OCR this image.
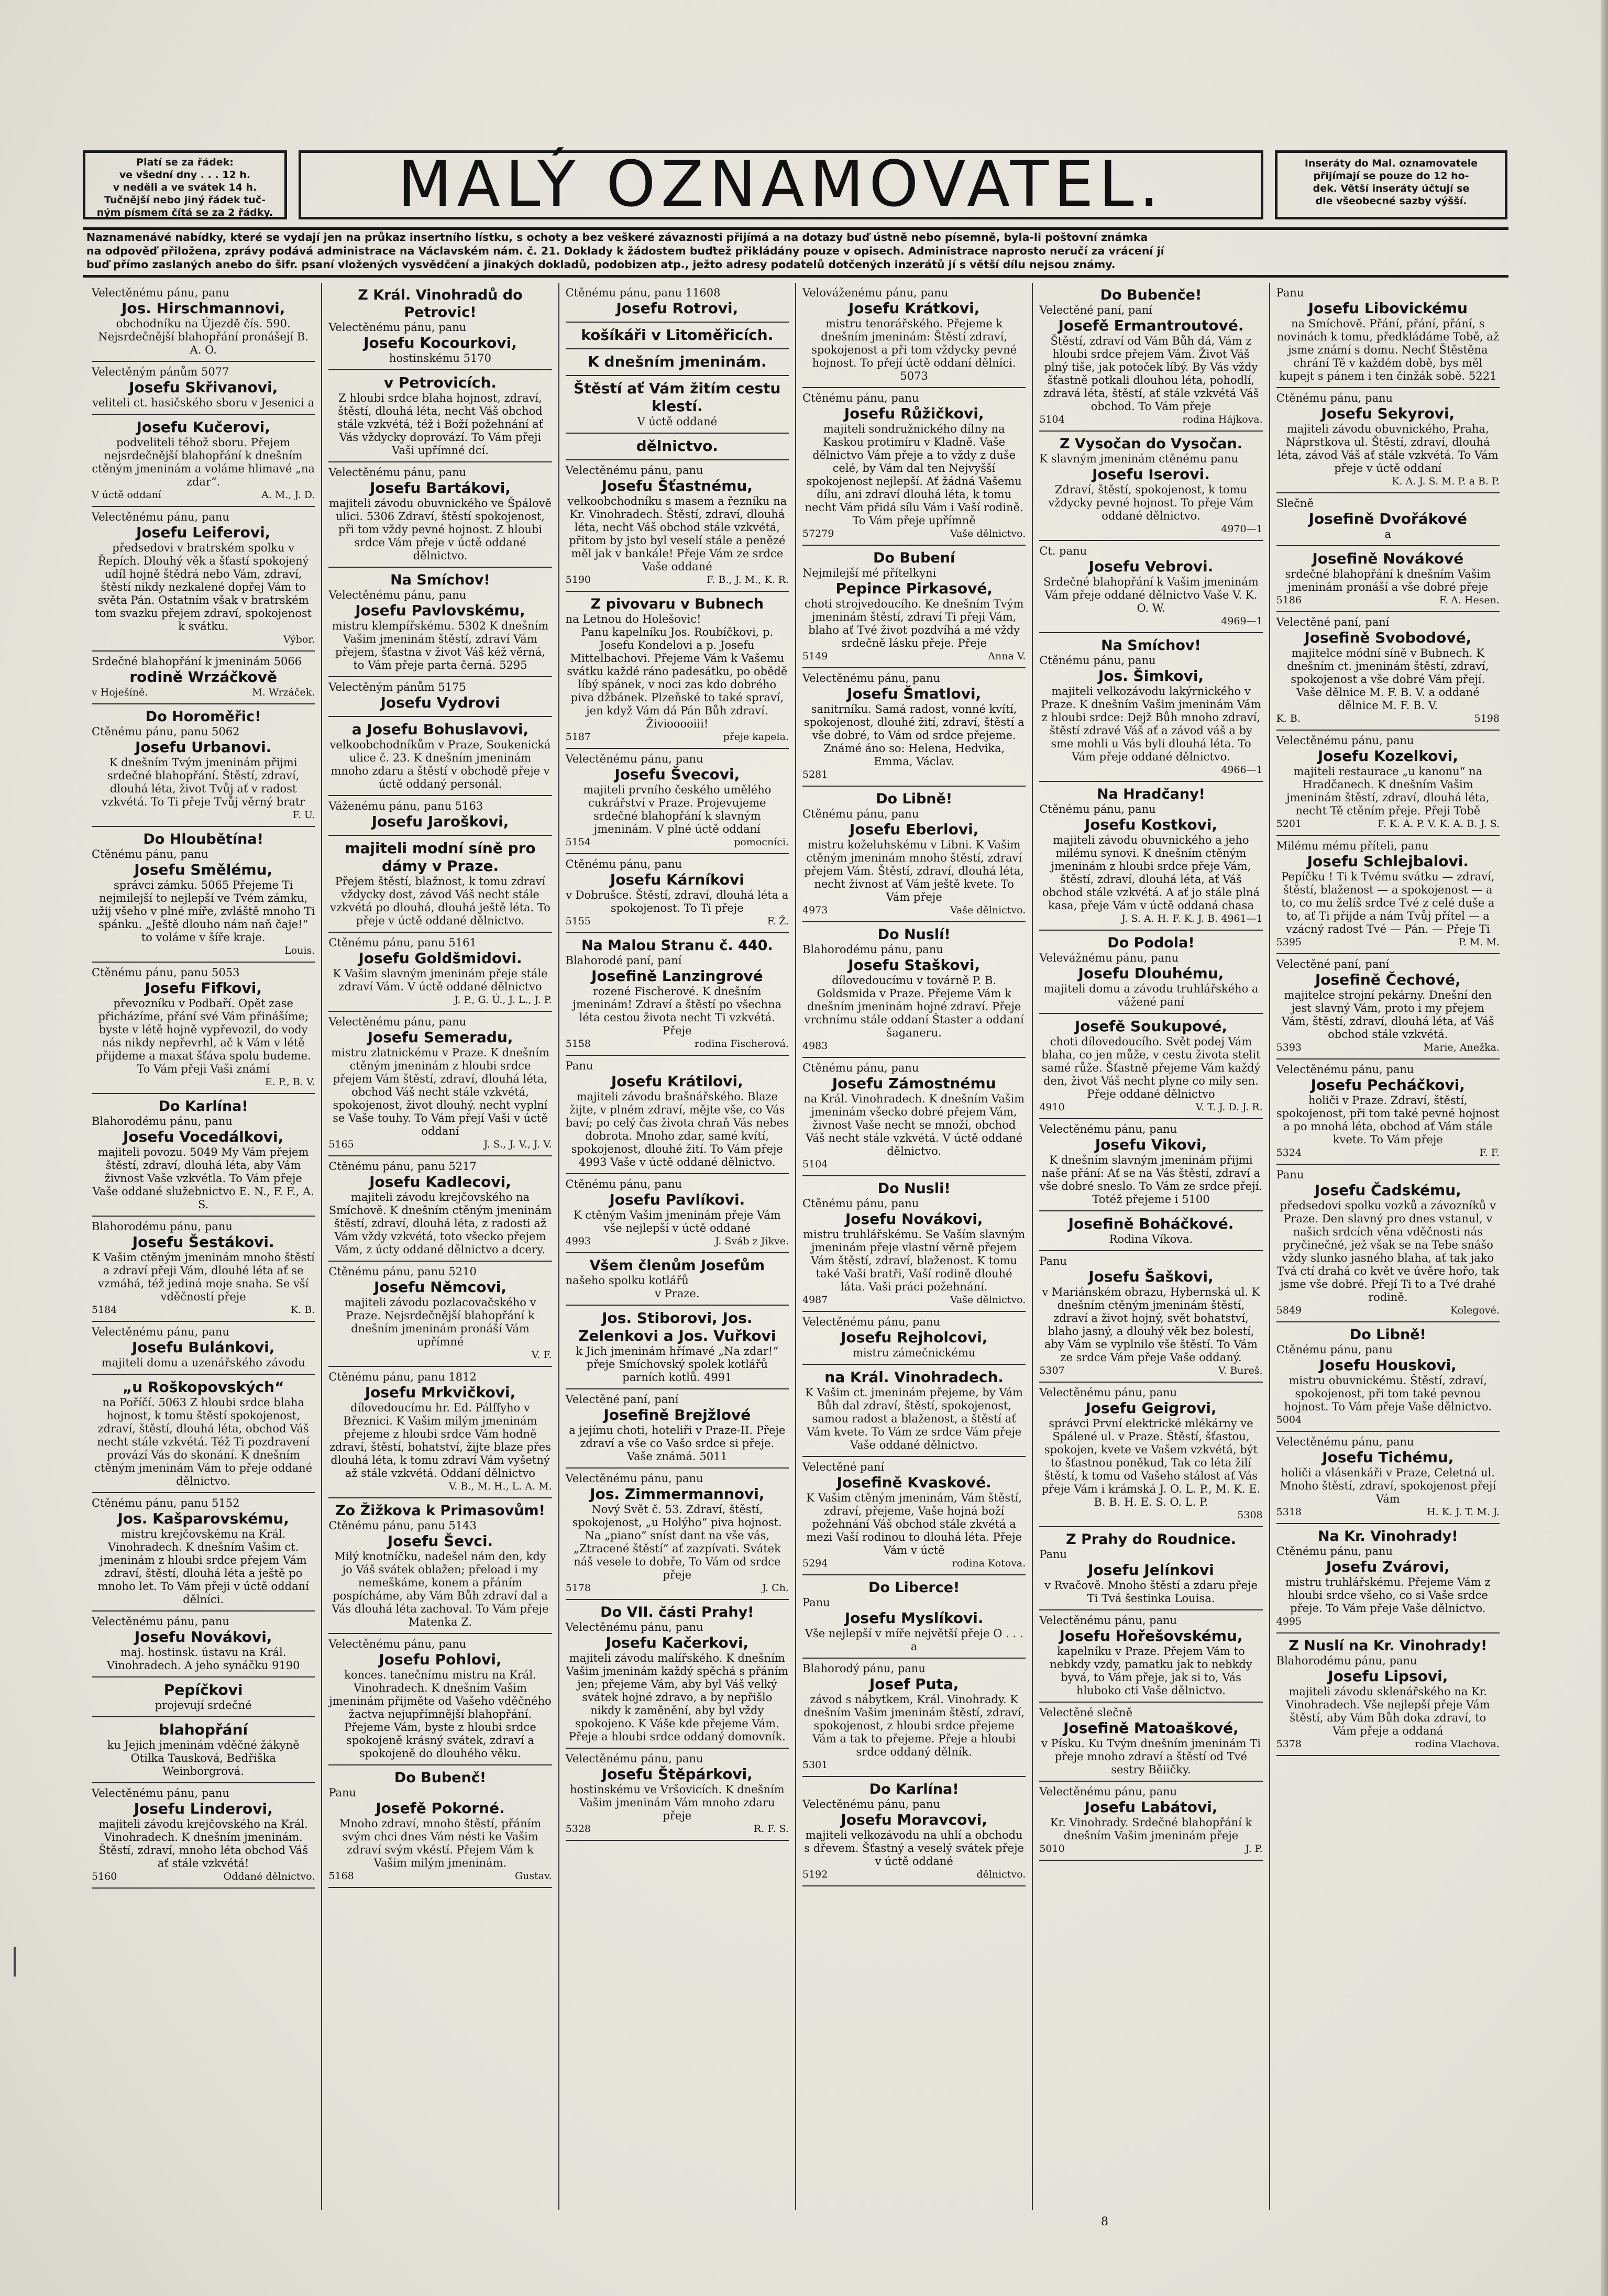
Platí se za řádek:
ve všední dny . . . 12 h.
v neděli a ve svátek 14 h.
Tučnější nebo jiný řádek tuč-
ným písmem čítá se za 2 řádky. MALÝ OZNAMOVATEL.	Inseráty do Mal. oznamovatele
přijímají se pouze do 12 ho-
dek. Větší inseráty účtují se
dle všeobecné sazby výšší.
Naznamenávé nabídky, které se vydají jen na průkaz insertního lístku, s ochoty a bez veškeré závaznosti přijímá a na dotazy buď ústně nebo písemně, byla-li poštovní známka
na odpověď přiložena, zprávy podává administrace na Václavském nám. č. 21. Doklady k žádostem buďtež přikládány pouze v opisech. Administrace naprosto neručí za vrácení jí
buď přímo zaslaných anebo do šifr. psaní vložených vysvědčení a jinakých dokladů, podobizen atp., ježto adresy podatelů dotčených inzerátů jí s větší dílu nejsou známy.

Velectěnému pánu, panu

Jos. Hirschmannovi,

obchodníku na Újezdě čís. 590. Nejsrdečnější blahopřání pronášejí B. A. O.

Velectěným pánům 5077

Josefu Skřivanovi,

veliteli ct. hasičského sboru v Jesenici a

Josefu Kučerovi,

podveliteli téhož sboru. Přejem nejsrdečnější blahopřání k dnešním ctěným jmeninám a voláme hlimavé „na zdar“.

V úctě oddaní	A. M., J. D.

Velectěnému pánu, panu

Josefu Leiferovi,

předsedovi v bratrském spolku v Řepích. Dlouhý věk a šťastí spokojený udíl hojně štědrá nebo Vám, zdraví, štěstí nikdy nezkalené dopřej Vám to světa Pán. Ostatním však v bratrském tom svazku přejem zdraví, spokojenost k svátku.

Výbor.

Srdečné blahopřání k jmeninám 5066

rodině Wrzáčkově

v Hoješíně.	M. Wrzáček.

Do Horoměřic!

Ctěnému pánu, panu 5062

Josefu Urbanovi.

K dnešním Tvým jmeninám přijmi srdečné blahopřání. Štěstí, zdraví, dlouhá léta, život Tvůj ať v radost vzkvétá. To Ti přeje Tvůj věrný bratr

F. U.

Do Hloubětína!

Ctěnému pánu, panu

Josefu Smělému,

správci zámku. 5065 Přejeme Ti nejmilejší to nejlepší ve Tvém zámku, užij všeho v plné míře, zvláště mnoho Ti spánku. „Ještě dlouho nám naň čaje!“ to voláme v šíře kraje.

Louis.

Ctěnému pánu, panu 5053

Josefu Fifkovi,

převozníku v Podbaří. Opět zase přicházíme, přání své Vám přinášíme; byste v létě hojně vypřevozil, do vody nás nikdy nepřevrhl, ač k Vám v létě přijdeme a maxat šťáva spolu budeme. To Vám přeji Vaši známí

E. P., B. V.

Do Karlína!

Blahorodému pánu, panu

Josefu Vocedálkovi,

majiteli povozu. 5049 My Vám přejem štěstí, zdraví, dlouhá léta, aby Vám živnost Vaše vzkvétla. To Vám přeje Vaše oddané služebnictvo E. N., F. F., A. S.

Blahorodému pánu, panu

Josefu Šestákovi.

K Vašim ctěným jmeninám mnoho štěstí a zdraví přeji Vám, dlouhé léta ať se vzmáhá, též jediná moje snaha. Se vší vděčností přeje

5184	K. B.

Velectěnému pánu, panu

Josefu Bulánkovi,

majiteli domu a uzenářského závodu

„u Roškopovských“

na Poříčí. 5063 Z hloubi srdce blaha hojnost, k tomu štěstí spokojenost, zdraví, štěstí, dlouhá léta, obchod Váš necht stále vzkvétá. Též Ti pozdravení provází Vás do skonání. K dnešním ctěným jmeninám Vám to přeje oddané dělnictvo.

Ctěnému pánu, panu 5152

Jos. Kašparovskému,

mistru krejčovskému na Král. Vinohradech. K dnešním Vašim ct. jmeninám z hloubi srdce přejem Vám zdraví, štěstí, dlouhá léta a ještě po mnoho let. To Vám přeji v úctě oddaní dělníci.

Velectěnému pánu, panu

Josefu Novákovi,

maj. hostinsk. ústavu na Král. Vinohradech. A jeho synáčku 9190

Pepíčkovi

projevují srdečné

blahopřání

ku Jejich jmeninám vděčné žákyně Otilka Tausková, Bedřiška Weinborgrová.

Velectěnému pánu, panu

Josefu Linderovi,

majiteli závodu krejčovského na Král. Vinohradech. K dnešním jmeninám. Štěstí, zdraví, mnoho léta obchod Váš ať stále vzkvétá!

5160	Oddané dělnictvo.

Z Král. Vinohradů do Petrovic!

Velectěnému pánu, panu

Josefu Kocourkovi,

hostinskému 5170

v Petrovicích.

Z hloubi srdce blaha hojnost, zdraví, štěstí, dlouhá léta, necht Váš obchod stále vzkvétá, též i Boží požehnání ať Vás vždycky doprovází. To Vám přeji Vaši upřímné dcí.

Velectěnému pánu, panu

Josefu Bartákovi,

majiteli závodu obuvnického ve Špálově ulici. 5306 Zdraví, štěstí spokojenost, při tom vždy pevné hojnost. Z hloubi srdce Vám přeje v úctě oddané dělnictvo.

Na Smíchov!

Velectěnému pánu, panu

Josefu Pavlovskému,

mistru klempířskému. 5302 K dnešním Vašim jmeninám štěstí, zdraví Vám přejem, šťastna v život Váš kéž věrná, to Vám přeje parta černá. 5295

Velectěným pánům 5175

Josefu Vydrovi

a Josefu Bohuslavovi,

velkoobchodníkům v Praze, Soukenická ulice č. 23. K dnešním jmeninám mnoho zdaru a štěstí v obchodě přeje v úctě oddaný personál.

Váženému pánu, panu 5163

Josefu Jaroškovi,

majiteli modní síně pro dámy v Praze.

Přejem štěstí, blažnost, k tomu zdraví vždycky dost, závod Váš necht stále vzkvétá po dlouhá, dlouhá ještě léta. To přeje v úctě oddané dělnictvo.

Ctěnému pánu, panu 5161

Josefu Goldšmidovi.

K Vašim slavným jmeninám přeje stále zdraví Vám. V úctě oddané dělnictvo

J. P., G. Ú., J. L., J. P.

Velectěnému pánu, panu

Josefu Semeradu,

mistru zlatnickému v Praze. K dnešním ctěným jmeninám z hloubi srdce přejem Vám štěstí, zdraví, dlouhá léta, obchod Váš necht stále vzkvétá, spokojenost, život dlouhý. necht vyplní se Vaše touhy. To Vám přejí Vaši v úctě oddaní

5165	J. S., J. V., J. V.

Ctěnému pánu, panu 5217

Josefu Kadlecovi,

majiteli závodu krejčovského na Smíchově. K dnešním ctěným jmeninám štěstí, zdraví, dlouhá léta, z radosti až Vám vždy vzkvétá, toto všecko přejem Vám, z úcty oddané dělnictvo a dcery.

Ctěnému pánu, panu 5210

Josefu Němcovi,

majiteli závodu pozlacovačského v Praze. Nejsrdečnější blahopřání k dnešním jmeninám pronáší Vám upřímné

V. F.

Ctěnému pánu, panu 1812

Josefu Mrkvičkovi,

dílovedoucímu hr. Ed. Pálffyho v Březnici. K Vašim milým jmeninám přejeme z hloubi srdce Vám hodně zdraví, štěstí, bohatství, žijte blaze přes dlouhá léta, k tomu zdraví Vám vyšetný až stále vzkvétá. Oddaní dělnictvo

V. B., M. H., L. A. M.

Zo Žižkova k Primasovům!

Ctěnému pánu, panu 5143

Josefu Ševci.

Milý knotníčku, nadešel nám den, kdy jo Váš svátek oblažen; přeload i my nemeškáme, konem a přáním pospícháme, aby Vám Bůh zdraví dal a Vás dlouhá léta zachoval. To Vám přeje Matenka Z.

Velectěnému pánu, panu

Josefu Pohlovi,

konces. tanečnímu mistru na Král. Vinohradech. K dnešním Vašim jmeninám přijměte od Vašeho vděčného žactva nejupřímnější blahopřání. Přejeme Vám, byste z hloubi srdce spokojeně krásný svátek, zdraví a spokojeně do dlouhého věku.

Do Bubenč!

Panu

Josefě Pokorné.

Mnoho zdraví, mnoho štěstí, přáním svým chci dnes Vám nésti ke Vašim zdraví svým vkéstí. Přejem Vám k Vašim milým jmeninám.

5168	Gustav.

Ctěnému pánu, panu 11608

Josefu Rotrovi,

košíkáři v Litoměřicích.

K dnešním jmeninám.

Štěstí ať Vám žitím cestu klestí.

V úctě oddané

dělnictvo.

Velectěnému pánu, panu

Josefu Šťastnému,

velkoobchodníku s masem a řezníku na Kr. Vinohradech. Štěstí, zdraví, dlouhá léta, necht Váš obchod stále vzkvétá, přitom by jsto byl veselí stále a penězé měl jak v bankále! Přeje Vám ze srdce Vaše oddané

5190	F. B., J. M., K. R.

Z pivovaru v Bubnech

na Letnou do Holešovic!

Panu kapelníku Jos. Roubíčkovi, p. Josefu Kondelovi a p. Josefu Mittelbachovi. Přejeme Vám k Vašemu svátku každé ráno padesátku, po obědě líbý spánek, v noci zas kdo dobrého piva džbánek. Plzeňské to také spraví, jen když Vám dá Pán Bůh zdraví. Živiooooiii!

5187	přeje kapela.

Velectěnému pánu, panu

Josefu Švecovi,

majiteli prvního českého umělého cukrářství v Praze. Projevujeme srdečné blahopřání k slavným jmeninám. V plné úctě oddaní

5154	pomocníci.

Ctěnému pánu, panu

Josefu Kárníkovi

v Dobrušce. Štěstí, zdraví, dlouhá léta a spokojenost. To Ti přeje

5155	F. Ž.

Na Malou Stranu č. 440.

Blahorodé paní, paní

Josefině Lanzingrové

rozené Fischerové. K dnešním jmeninám! Zdraví a štěstí po všechna léta cestou života necht Ti vzkvétá. Přeje

5158	rodina Fischerová.

Panu

Josefu Krátilovi,

majiteli závodu brašnářského. Blaze žijte, v plném zdraví, mějte vše, co Vás baví; po celý čas života chraň Vás nebes dobrota. Mnoho zdar, samé kvítí, spokojenost, dlouhé žití. To Vám přeje 4993 Vaše v úctě oddané dělnictvo.

Ctěnému pánu, panu

Josefu Pavlíkovi.

K ctěným Vašim jmeninám přeje Vám vše nejlepší v úctě oddané

4993	J. Sváb z Jikve.

Všem členům Josefům

našeho spolku kotlářů

v Praze.

Jos. Stiborovi, Jos. Zelenkovi a Jos. Vuřkovi

k Jich jmeninám hřímavé „Na zdar!“ přeje Smíchovský spolek kotlářů parních kotlů. 4991

Velectěné paní, paní

Josefině Brejžlové

a jejímu choti, hoteliři v Praze-II. Přeje zdraví a vše co Vašo srdce si přeje. Vaše známá. 5011

Velectěnému pánu, panu

Jos. Zimmermannovi,

Nový Svět č. 53. Zdraví, štěstí, spokojenost, „u Holýho“ piva hojnost. Na „piano“ sníst dant na vše vás, „Ztracené štěstí“ ať zazpívati. Svátek náš vesele to dobře, To Vám od srdce přeje

5178	J. Ch.

Do VII. části Prahy!

Velectěnému pánu, panu

Josefu Kačerkovi,

majiteli závodu malířského. K dnešním Vašim jmeninám každý spěchá s přáním jen; přejeme Vám, aby byl Váš velký svátek hojné zdravo, a by nepřišlo nikdy k zaměnění, aby byl vždy spokojeno. K Váše kde přejeme Vám. Přeje a hloubi srdce oddaný domovník.

Velectěnému pánu, panu

Josefu Štěpárkovi,

hostinskému ve Vršovicích. K dnešním Vašim jmeninám Vám mnoho zdaru přeje

5328	R. F. S.

Velováženému pánu, panu

Josefu Krátkovi,

mistru tenorářského. Přejeme k dnešním jmeninám: Štěstí zdraví, spokojenost a při tom vždycky pevné hojnost. To přejí úctě oddaní dělníci. 5073

Ctěnému pánu, panu

Josefu Růžičkovi,

majiteli sondružnického dílny na Kaskou protimíru v Kladně. Vaše dělnictvo Vám přeje a to vždy z duše celé, by Vám dal ten Nejvyšší spokojenost nejlepší. Ať žádná Vašemu dílu, ani zdraví dlouhá léta, k tomu necht Vám přidá sílu Vám i Vaší rodině. To Vám přeje upřímně

57279	Vaše dělnictvo.

Do Bubení

Nejmilejší mé přítelkyni

Pepince Pirkasové,

choti strojvedoucího. Ke dnešním Tvým jmeninám štěstí, zdraví Ti přeji Vám, blaho ať Tvé život pozdvíhá a mé vždy srdečně lásku přeje. Přeje

5149	Anna V.

Velectěnému pánu, panu

Josefu Šmatlovi,

sanitrníku. Samá radost, vonné kvítí, spokojenost, dlouhé žití, zdraví, štěstí a vše dobré, to Vám od srdce přejeme. Známé áno so: Helena, Hedvika, Emma, Václav.

5281

Do Libně!

Ctěnému pánu, panu

Josefu Eberlovi,

mistru koželuhskému v Libni. K Vašim ctěným jmeninám mnoho štěstí, zdraví přejem Vám. Štěstí, zdraví, dlouhá léta, necht živnost ať Vám ještě kvete. To Vám přeje

4973	Vaše dělnictvo.

Do Nuslí!

Blahorodému pánu, panu

Josefu Staškovi,

dílovedoucímu v továrně P. B. Goldsmida v Praze. Přejeme Vám k dnešním jmeninám hojné zdraví. Přeje vrchnímu stále oddaní Štaster a oddaní šaganeru.

4983

Ctěnému pánu, panu

Josefu Zámostnému

na Král. Vinohradech. K dnešním Vašim jmeninám všecko dobré přejem Vám, živnost Vaše necht se množí, obchod Váš necht stále vzkvétá. V úctě oddané dělnictvo.

5104

Do Nusli!

Ctěnému pánu, panu

Josefu Novákovi,

mistru truhlářskému. Se Vaším slavným jmeninám přeje vlastní věrně přejem Vám štěstí, zdraví, blaženost. K tomu také Vaši bratři, Vaší rodině dlouhé láta. Vaši práci požehnání.

4987	Vaše dělnictvo.

Velectěnému pánu, panu

Josefu Rejholcovi,

mistru zámečnickému

na Král. Vinohradech.

K Vašim ct. jmeninám přejeme, by Vám Bůh dal zdraví, štěstí, spokojenost, samou radost a blaženost, a štěstí ať Vám kvete. To Vám ze srdce Vám přeje Vaše oddané dělnictvo.

Velectěné paní

Josefině Kvaskové.

K Vašim ctěným jmeninám, Vám štěstí, zdraví, přejeme, Vaše hojná boží požehnání Váš obchod stále zkvétá a mezi Vaší rodinou to dlouhá léta. Přeje Vám v úctě

5294	rodina Kotova.

Do Liberce!

Panu

Josefu Myslíkovi.

Vše nejlepší v míře největší přeje O . . . a

Blahorodý pánu, panu

Josef Puta,

závod s nábytkem, Král. Vinohrady. K dnešním Vašim jmeninám štěstí, zdraví, spokojenost, z hloubi srdce přejeme Vám a tak to přejeme. Přeje a hloubi srdce oddaný dělník.

5301

Do Karlína!

Velectěnému pánu, panu

Josefu Moravcovi,

majiteli velkozávodu na uhlí a obchodu s dřevem. Šťastný a veselý svátek přeje v úctě oddané

5192	dělnictvo.

Do Bubenče!

Velectěné paní, paní

Josefě Ermantroutové.

Štěstí, zdraví od Vám Bůh dá, Vám z hloubi srdce přejem Vám. Život Váš plný tiše, jak potoček líbý. By Vás vždy šťastně potkali dlouhou léta, pohodlí, zdravá léta, štěstí, ať stále vzkvétá Váš obchod. To Vám přeje

5104	rodina Hájkova.

Z Vysočan do Vysočan.

K slavným jmeninám ctěnému panu

Josefu Iserovi.

Zdraví, štěstí, spokojenost, k tomu vždycky pevné hojnost. To přeje Vám oddané dělnictvo.

4970—1

Ct. panu

Josefu Vebrovi.

Srdečné blahopřání k Vašim jmeninám Vám přeje oddané dělnictvo Vaše V. K. O. W.

4969—1

Na Smíchov!

Ctěnému pánu, panu

Jos. Šimkovi,

majiteli velkozávodu lakýrnického v Praze. K dnešním Vašim jmeninám Vám z hloubi srdce: Dejž Bůh mnoho zdraví, štěstí zdravé Váš ať a závod váš a by sme mohli u Vás byli dlouhá léta. To Vám přeje oddané dělnictvo.

4966—1

Na Hradčany!

Ctěnému pánu, panu

Josefu Kostkovi,

majiteli závodu obuvnického a jeho milému synovi. K dnešním ctěným jmeninám z hloubi srdce přeje Vám, štěstí, zdraví, dlouhá léta, ať Váš obchod stále vzkvétá. A ať jo stále plná kasa, přeje Vám v úctě oddaná chasa

J. S. A. H. F. K. J. B. 4961—1

Do Podola!

Velevážnému pánu, panu

Josefu Dlouhému,

majiteli domu a závodu truhlářského a vážené paní

Josefě Soukupové,

choti dílovedoucího. Svět podej Vám blaha, co jen může, v cestu života stelit samé růže. Šťastně přejeme Vám každý den, život Váš necht plyne co mily sen. Přeje oddané dělnictvo

4910	V. T. J. D. J. R.

Velectěnému pánu, panu

Josefu Vikovi,

K dnešním slavným jmeninám přijmi naše přání: Ať se na Vás štěstí, zdraví a vše dobré sneslo. To Vám ze srdce přejí. Totéž přejeme i 5100

Josefině Boháčkové.

Rodina Víkova.

Panu

Josefu Šaškovi,

v Mariánském obrazu, Hybernská ul. K dnešním ctěným jmeninám štěstí, zdraví a život hojný, svět bohatství, blaho jasný, a dlouhý věk bez bolestí, aby Vám se vyplnilo vše štěstí. To Vám ze srdce Vám přeje Vaše oddaný.

5307	V. Bureš.

Velectěnému pánu, panu

Josefu Geigrovi,

správci První elektrické mlékárny ve Spálené ul. v Praze. Štěstí, šťastou, spokojen, kvete ve Vašem vzkvétá, být to šťastnou poněkud, Tak co léta žilí štěstí, k tomu od Vašeho stálost ať Vás přeje Vám i krámská J. O. L. P., M. K. E. B. B. H. E. S. O. L. P.

5308

Z Prahy do Roudnice.

Panu

Josefu Jelínkovi

v Rvačově. Mnoho štěstí a zdaru přeje Ti Tvá šestinka Louisa.

Velectěnému pánu, panu

Josefu Hořešovskému,

kapelníku v Praze. Přejem Vám to nebkdy vzdy, pamatku jak to nebkdy byvá, to Vám přeje, jak si to, Vás hluboko cti Vaše dělnictvo.

Velectěné slečně

Josefině Matoaškové,

v Písku. Ku Tvým dnešním jmeninám Ti přeje mnoho zdraví a štěstí od Tvé sestry Běiičky.

Velectěnému pánu, panu

Josefu Labátovi,

Kr. Vinohrady. Srdečné blahopřání k dnešním Vašim jmeninám přeje

5010	J. P.

Panu

Josefu Libovickému

na Smíchově. Přání, přání, přání, s novinách k tomu, předkládáme Tobě, až jsme známí s domu. Nechť Štěstěna chrání Tě v každém době, bys měl kupejt s pánem i ten činžák sobě. 5221

Ctěnému pánu, panu

Josefu Sekyrovi,

majiteli závodu obuvnického, Praha, Náprstkova ul. Štěstí, zdraví, dlouhá léta, závod Váš ať stále vzkvétá. To Vám přeje v úctě oddaní

K. A. J. S. M. P. a B. P.

Slečně

Josefině Dvořákové

a

Josefině Novákové

srdečné blahopřání k dnešním Vašim jmeninám pronáší a vše dobré přeje

5186	F. A. Hesen.

Velectěné paní, paní

Josefině Svobodové,

majitelce módní síně v Bubnech. K dnešním ct. jmeninám štěstí, zdraví, spokojenost a vše dobré Vám přejí. Vaše dělnice M. F. B. V. a oddané dělnice M. F. B. V.

K. B.	5198

Velectěnému pánu, panu

Josefu Kozelkovi,

majiteli restaurace „u kanonu“ na Hradčanech. K dnešním Vašim jmeninám štěstí, zdraví, dlouhá léta, necht Tě ctěním přeje. Přeji Tobě

5201	F. K. A. P. V. K. A. B. J. S.

Milému mému příteli, panu

Josefu Schlejbalovi.

Pepíčku ! Ti k Tvému svátku — zdraví, štěstí, blaženost — a spokojenost — a to, co mu želíš srdce Tvé z celé duše a to, ať Ti přijde a nám Tvůj přítel — a vzácný radost Tvé — Pán. — Přeje Ti

5395	P. M. M.

Velectěné paní, paní

Josefině Čechové,

majitelce strojní pekárny. Dnešní den jest slavný Vám, proto i my přejem Vám, štěstí, zdraví, dlouhá léta, ať Váš obchod stále vzkvétá.

5393	Marie, Anežka.

Velectěnému pánu, panu

Josefu Pecháčkovi,

holiči v Praze. Zdraví, štěstí, spokojenost, při tom také pevné hojnost a po mnohá léta, obchod ať Vám stále kvete. To Vám přeje

5324	F. F.

Panu

Josefu Čadskému,

předsedovi spolku vozků a závozníků v Praze. Den slavný pro dnes vstanul, v našich srdcích věna vděčnosti nás pryčinečné, jež však se na Tebe snášo vždy slunko jasného blaha, ať tak jako Tvá ctí drahá co květ ve úvěre hořo, tak jsme vše dobré. Přejí Ti to a Tvé drahé rodině.

5849	Kolegové.

Do Libně!

Ctěnému pánu, panu

Josefu Houskovi,

mistru obuvnickému. Štěstí, zdraví, spokojenost, při tom také pevnou hojnost. To Vám přeje Vaše dělnictvo.

5004

Velectěnému pánu, panu

Josefu Tichému,

holiči a vlásenkáři v Praze, Celetná ul. Mnoho štěstí, zdraví, spokojenost přejí Vám

5318	H. K. J. T. M. J.

Na Kr. Vinohrady!

Ctěnému pánu, panu

Josefu Zvárovi,

mistru truhlářskému. Přejeme Vám z hloubi srdce všeho, co si Vaše srdce přeje. To Vám přeje Vaše dělnictvo.

4995

Z Nuslí na Kr. Vinohrady!

Blahorodému pánu, panu

Josefu Lipsovi,

majiteli závodu sklenářského na Kr. Vinohradech. Vše nejlepší přeje Vám štěstí, aby Vám Bůh doka zdraví, to Vám přeje a oddaná

5378	rodina Vlachova.
8
